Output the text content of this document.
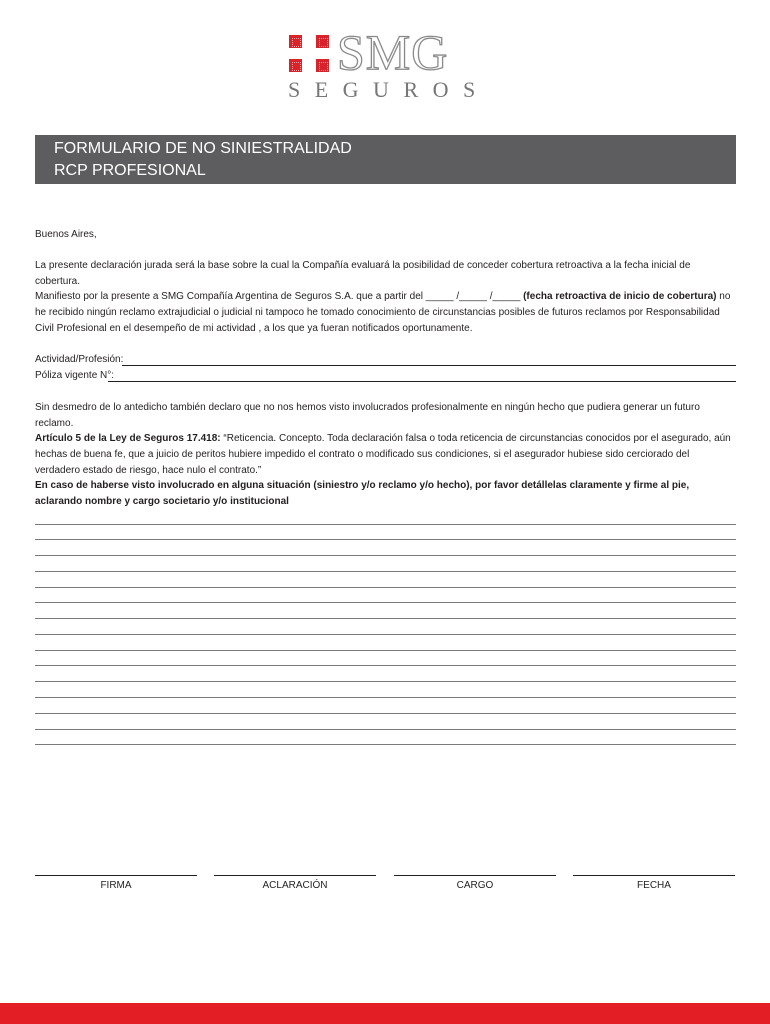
SMG
SEGUROS
FORMULARIO DE NO SINIESTRALIDAD
RCP PROFESIONAL
Buenos Aires,
La presente declaración jurada será la base sobre la cual la Compañía evaluará la posibilidad de conceder cobertura retroactiva a la fecha inicial de cobertura.
Manifiesto por la presente a SMG Compañía Argentina de Seguros S.A. que a partir del _____ /_____ /_____ (fecha retroactiva de inicio de cobertura) no he recibido ningún reclamo extrajudicial o judicial ni tampoco he tomado conocimiento de circunstancias posibles de futuros reclamos por Responsabilidad Civil Profesional en el desempeño de mi actividad , a los que ya fueran notificados oportunamente.
Actividad/Profesión:
Póliza vigente N°:
Sin desmedro de lo antedicho también declaro que no nos hemos visto involucrados profesionalmente en ningún hecho que pudiera generar un futuro reclamo.
Artículo 5 de la Ley de Seguros 17.418: “Reticencia. Concepto. Toda declaración falsa o toda reticencia de circunstancias conocidos por el asegurado, aún hechas de buena fe, que a juicio de peritos hubiere impedido el contrato o modificado sus condiciones, si el asegurador hubiese sido cerciorado del verdadero estado de riesgo, hace nulo el contrato.”
En caso de haberse visto involucrado en alguna situación (siniestro y/o reclamo y/o hecho), por favor detállelas claramente y firme al pie, aclarando nombre y cargo societario y/o institucional
FIRMA	ACLARACIÓN	CARGO	FECHA
